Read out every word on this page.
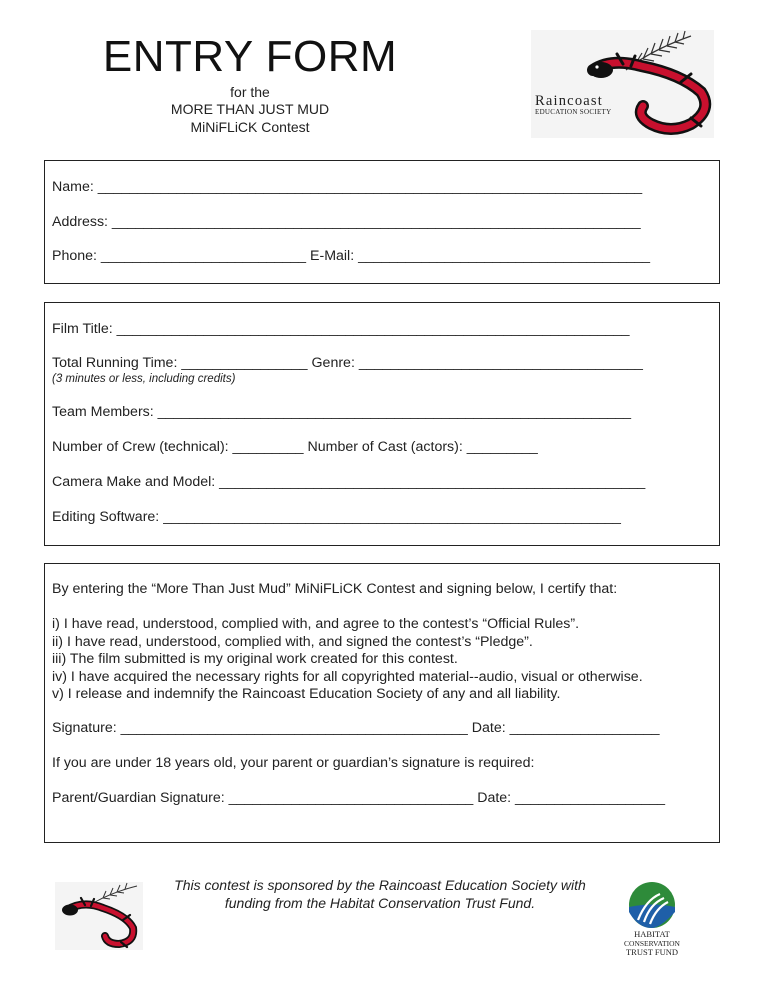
ENTRY FORM
for the
MORE THAN JUST MUD
MiNiFLiCK Contest
Raincoast
EDUCATION SOCIETY
Name: _____________________________________________________________________
Address: ___________________________________________________________________
Phone: __________________________ E-Mail: _____________________________________
Film Title: _________________________________________________________________
Total Running Time: ________________ Genre: ____________________________________
(3 minutes or less, including credits)
Team Members: ____________________________________________________________
Number of Crew (technical): _________ Number of Cast (actors): _________
Camera Make and Model: ______________________________________________________
Editing Software: __________________________________________________________
By entering the “More Than Just Mud” MiNiFLiCK Contest and signing below, I certify that:
i) I have read, understood, complied with, and agree to the contest’s “Official Rules”.
ii) I have read, understood, complied with, and signed the contest’s “Pledge”.
iii) The film submitted is my original work created for this contest.
iv) I have acquired the necessary rights for all copyrighted material--audio, visual or otherwise.
v) I release and indemnify the Raincoast Education Society of any and all liability.
Signature: ____________________________________________ Date: ___________________
If you are under 18 years old, your parent or guardian’s signature is required:
Parent/Guardian Signature: _______________________________ Date: ___________________
This contest is sponsored by the Raincoast Education Society with
funding from the Habitat Conservation Trust Fund.
HABITAT
CONSERVATION
TRUST FUND
